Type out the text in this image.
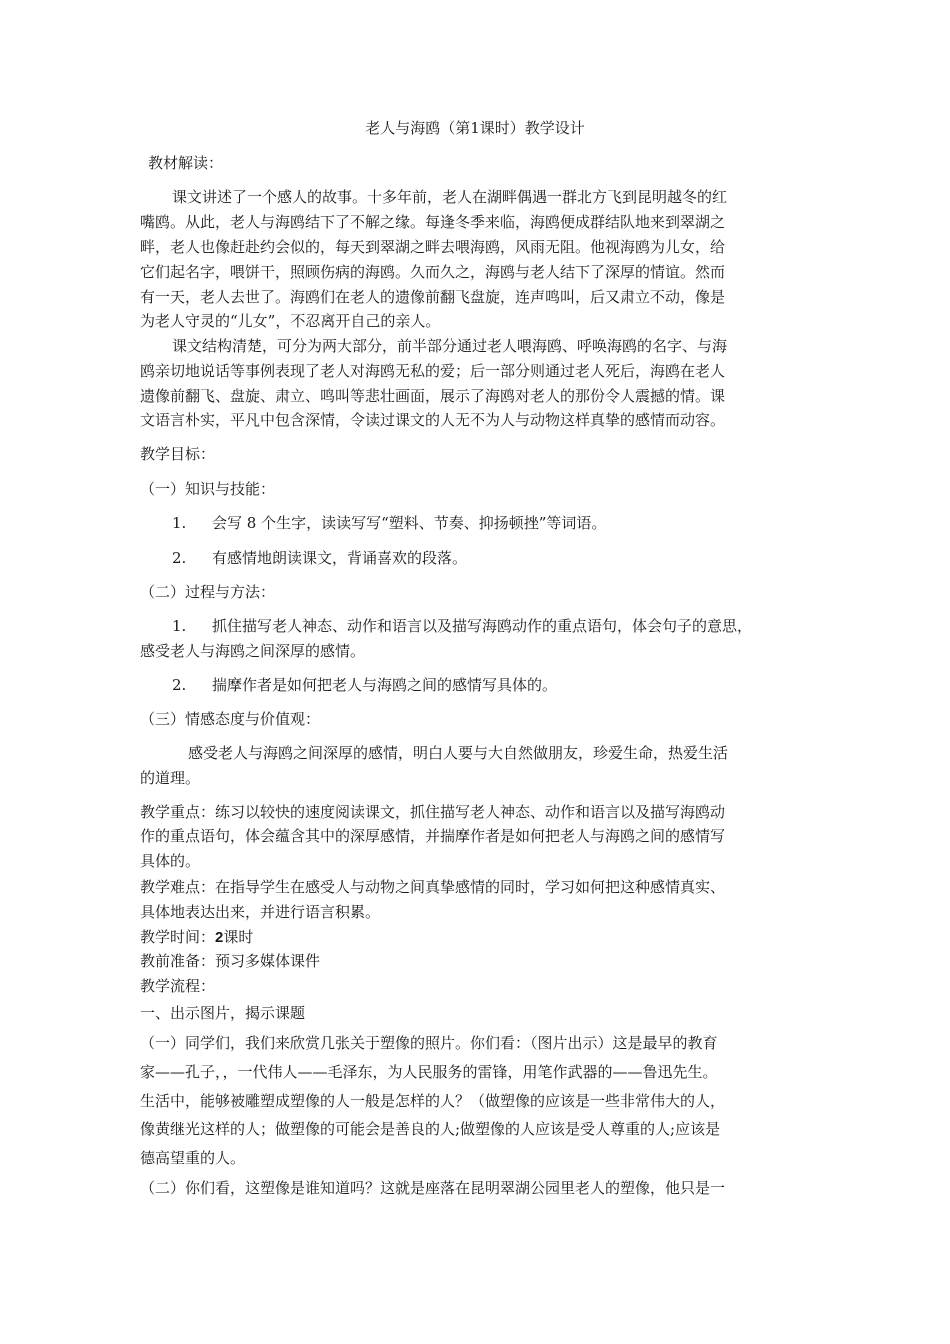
老人与海鸥（第1课时）教学设计

教材解读：

课文讲述了一个感人的故事。十多年前，老人在湖畔偶遇一群北方飞到昆明越冬的红

嘴鸥。从此，老人与海鸥结下了不解之缘。每逢冬季来临，海鸥便成群结队地来到翠湖之

畔，老人也像赶赴约会似的，每天到翠湖之畔去喂海鸥，风雨无阻。他视海鸥为儿女，给

它们起名字，喂饼干，照顾伤病的海鸥。久而久之，海鸥与老人结下了深厚的情谊。然而

有一天，老人去世了。海鸥们在老人的遗像前翻飞盘旋，连声鸣叫，后又肃立不动，像是

为老人守灵的“儿女”，不忍离开自己的亲人。

课文结构清楚，可分为两大部分，前半部分通过老人喂海鸥、呼唤海鸥的名字、与海

鸥亲切地说话等事例表现了老人对海鸥无私的爱；后一部分则通过老人死后，海鸥在老人

遗像前翻飞、盘旋、肃立、鸣叫等悲壮画面，展示了海鸥对老人的那份令人震撼的情。课

文语言朴实，平凡中包含深情，令读过课文的人无不为人与动物这样真挚的感情而动容。

教学目标：

（一）知识与技能：

1. 会写 8 个生字，读读写写“塑料、节奏、抑扬顿挫”等词语。

2. 有感情地朗读课文，背诵喜欢的段落。

（二）过程与方法：

1. 抓住描写老人神态、动作和语言以及描写海鸥动作的重点语句，体会句子的意思，

感受老人与海鸥之间深厚的感情。

2. 揣摩作者是如何把老人与海鸥之间的感情写具体的。

（三）情感态度与价值观：

感受老人与海鸥之间深厚的感情，明白人要与大自然做朋友，珍爱生命，热爱生活

的道理。

教学重点：练习以较快的速度阅读课文，抓住描写老人神态、动作和语言以及描写海鸥动

作的重点语句，体会蕴含其中的深厚感情，并揣摩作者是如何把老人与海鸥之间的感情写

具体的。

教学难点：在指导学生在感受人与动物之间真挚感情的同时，学习如何把这种感情真实、

具体地表达出来，并进行语言积累。

教学时间：2课时

教前准备：预习多媒体课件

教学流程：

一、出示图片，揭示课题

（一）同学们，我们来欣赏几张关于塑像的照片。你们看：（图片出示）这是最早的教育

家——孔子，，一代伟人——毛泽东，为人民服务的雷锋，用笔作武器的——鲁迅先生。

生活中，能够被雕塑成塑像的人一般是怎样的人？（做塑像的应该是一些非常伟大的人，

像黄继光这样的人；做塑像的可能会是善良的人;做塑像的人应该是受人尊重的人;应该是

德高望重的人。

（二）你们看，这塑像是谁知道吗？这就是座落在昆明翠湖公园里老人的塑像，他只是一
